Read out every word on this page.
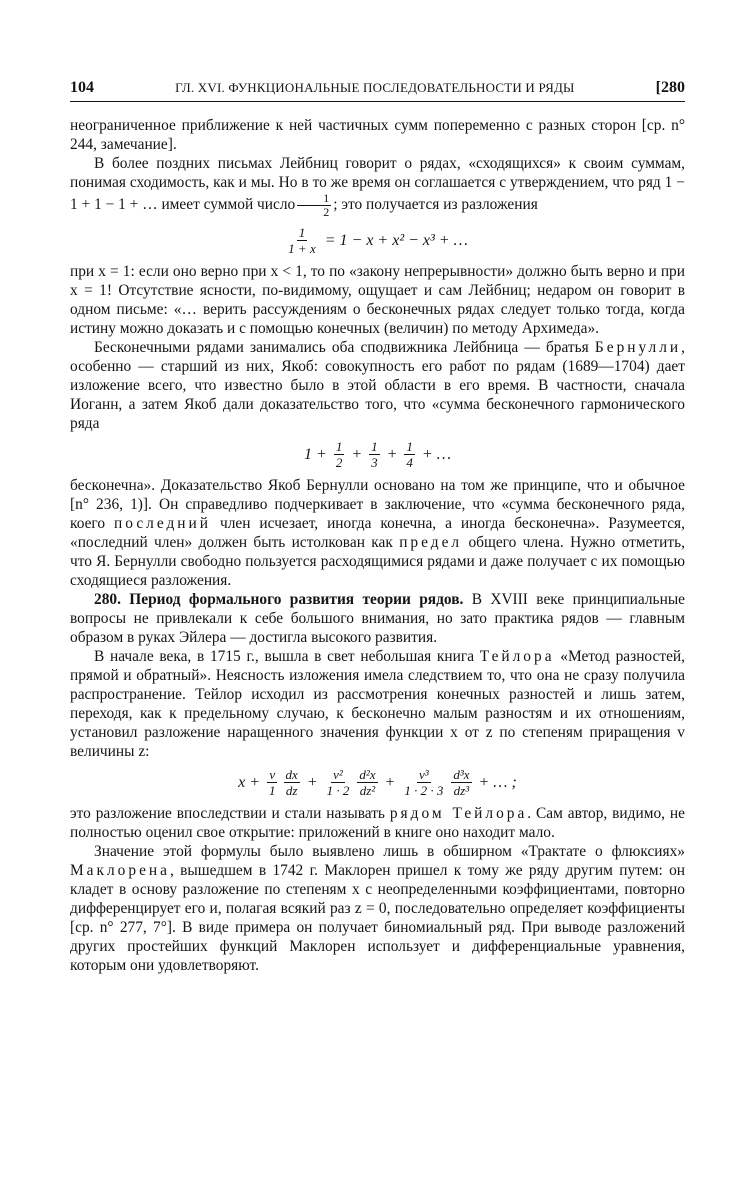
104	ГЛ. XVI. ФУНКЦИОНАЛЬНЫЕ ПОСЛЕДОВАТЕЛЬНОСТИ И РЯДЫ	[280

неограниченное приближение к ней частичных сумм попеременно с разных сторон [ср. n° 244, замечание].

В более поздних письмах Лейбниц говорит о рядах, «сходящихся» к своим суммам, понимая сходимость, как и мы. Но в то же время он соглашается с утверждением, что ряд 1 − 1 + 1 − 1 + … имеет суммой число $\frac{1}{2}$ ; это получается из разложения

$\frac{1}{1 + x} = 1 - x + x^2 - x^3$ + …

при x = 1: если оно верно при x < 1, то по «закону непрерывности» должно быть верно и при x = 1! Отсутствие ясности, по-видимому, ощущает и сам Лейбниц; недаром он говорит в одном письме: «… верить рассуждениям о бесконечных рядах следует только тогда, когда истину можно доказать и с помощью конечных (величин) по методу Архимеда».

Бесконечными рядами занимались оба сподвижника Лейбница — братья Бернулли, особенно — старший из них, Якоб: совокупность его работ по рядам (1689—1704) дает изложение всего, что известно было в этой области в его время. В частности, сначала Иоганн, а затем Якоб дали доказательство того, что «сумма бесконечного гармонического ряда

$1 + \frac{1}{2} + \frac{1}{3} + \frac{1}{4}$ + …

бесконечна». Доказательство Якоб Бернулли основано на том же принципе, что и обычное [n° 236, 1)]. Он справедливо подчеркивает в заключение, что «сумма бесконечного ряда, коего последний член исчезает, иногда конечна, а иногда бесконечна». Разумеется, «последний член» должен быть истолкован как предел общего члена. Нужно отметить, что Я. Бернулли свободно пользуется расходящимися рядами и даже получает с их помощью сходящиеся разложения.

280. Период формального развития теории рядов. В XVIII веке принципиальные вопросы не привлекали к себе большого внимания, но зато практика рядов — главным образом в руках Эйлера — достигла высокого развития.

В начале века, в 1715 г., вышла в свет небольшая книга Тейлора «Метод разностей, прямой и обратный». Неясность изложения имела следствием то, что она не сразу получила распространение. Тейлор исходил из рассмотрения конечных разностей и лишь затем, переходя, как к предельному случаю, к бесконечно малым разностям и их отношениям, установил разложение наращенного значения функции x от z по степеням приращения v величины z:

$x + \frac{v}{1} \frac{dx}{dz} + \frac{\text{v²}}{1 \cdot 2} \frac{\text{d²x}}{\text{dz²}} + \frac{\text{v³}}{1 \cdot 2 \cdot 3} \frac{\text{d³x}}{\text{dz³}}$ + … ;

это разложение впоследствии и стали называть рядом Тейлора. Сам автор, видимо, не полностью оценил свое открытие: приложений в книге оно находит мало.

Значение этой формулы было выявлено лишь в обширном «Трактате о флюксиях» Маклорена, вышедшем в 1742 г. Маклорен пришел к тому же ряду другим путем: он кладет в основу разложение по степеням x с неопределенными коэффициентами, повторно дифференцирует его и, полагая всякий раз z = 0, последовательно определяет коэффициенты [ср. n° 277, 7°]. В виде примера он получает биномиальный ряд. При выводе разложений других простейших функций Маклорен использует и дифференциальные уравнения, которым они удовлетворяют.
